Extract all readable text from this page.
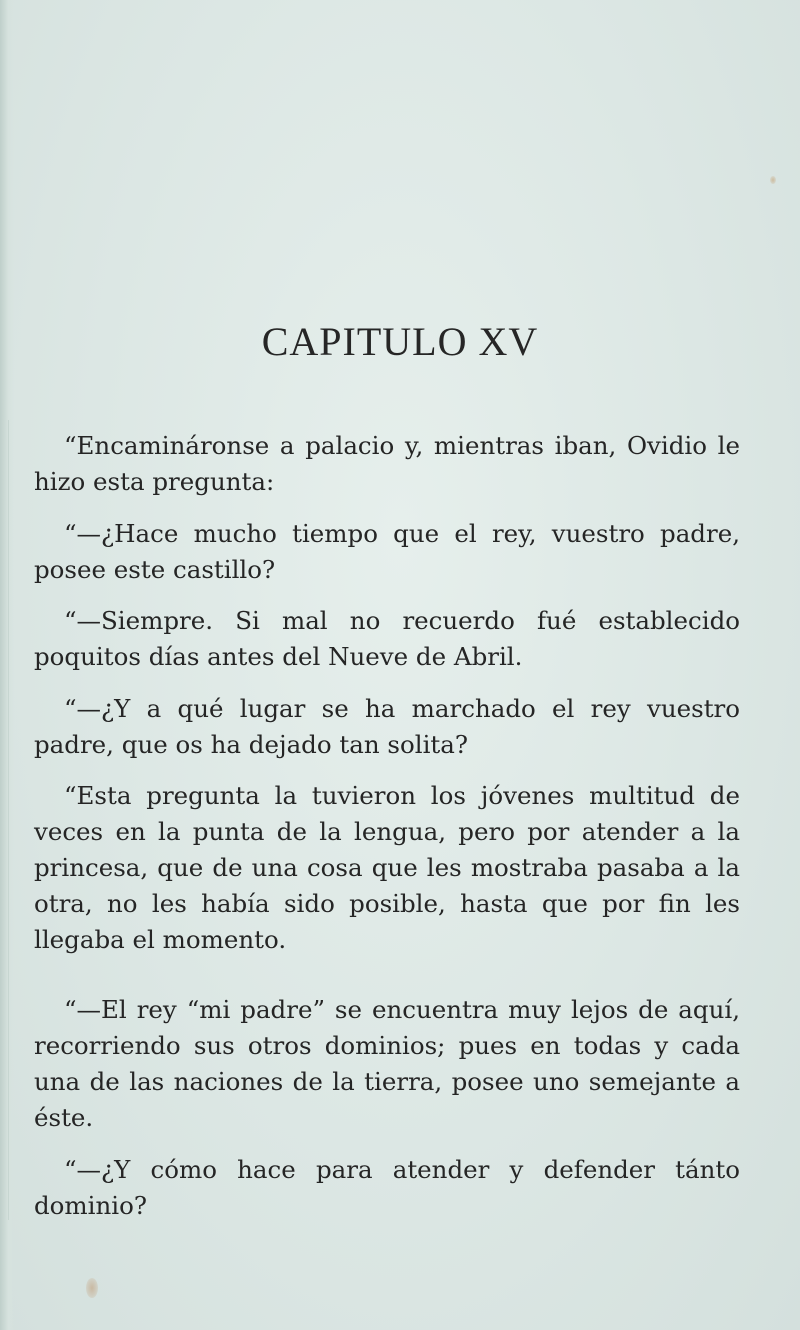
CAPITULO XV

“Encamináronse a palacio y, mientras iban, Ovidio le hizo esta pregunta:

“—¿Hace mucho tiempo que el rey, vuestro padre, posee este castillo?

“—Siempre. Si mal no recuerdo fué establecido poquitos días antes del Nueve de Abril.

“—¿Y a qué lugar se ha marchado el rey vuestro padre, que os ha dejado tan solita?

“Esta pregunta la tuvieron los jóvenes multitud de veces en la punta de la lengua, pero por atender a la princesa, que de una cosa que les mostraba pasaba a la otra, no les había sido posible, hasta que por fin les llegaba el momento.

“—El rey “mi padre” se encuentra muy lejos de aquí, recorriendo sus otros dominios; pues en todas y cada una de las naciones de la tierra, posee uno semejante a éste.

“—¿Y cómo hace para atender y defender tánto dominio?
